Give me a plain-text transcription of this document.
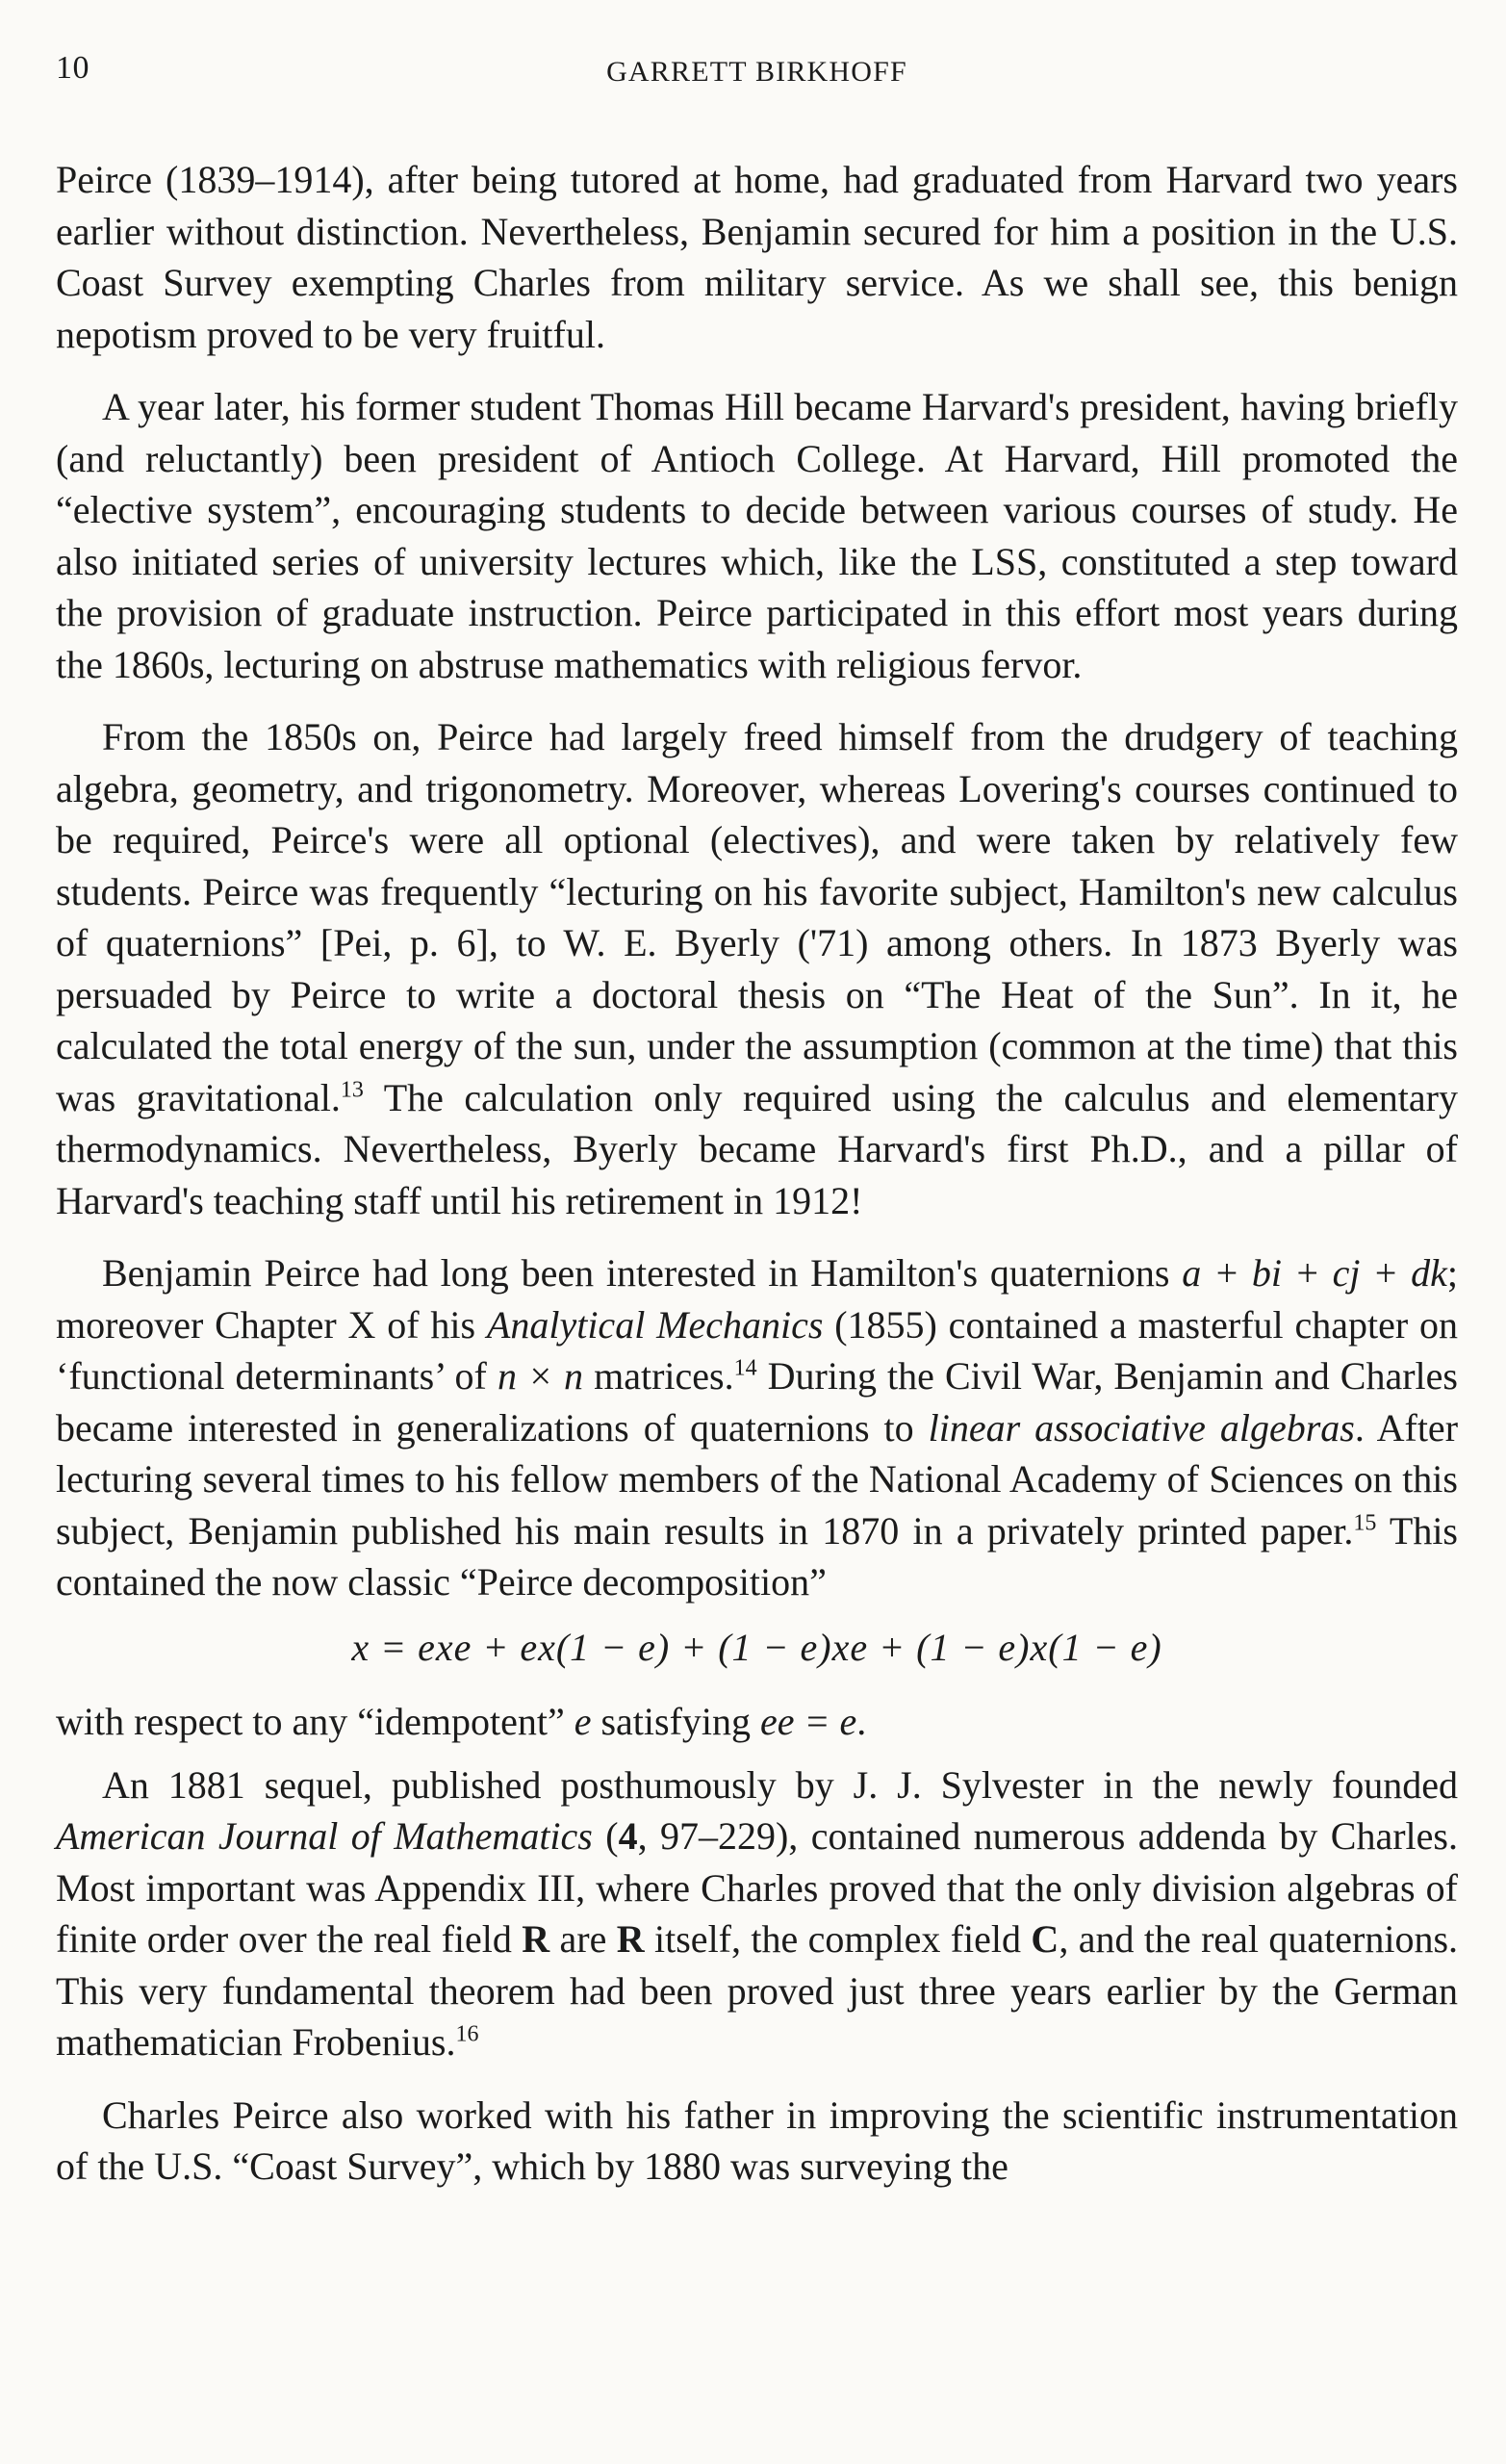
10	GARRETT BIRKHOFF

Peirce (1839–1914), after being tutored at home, had graduated from Harvard two years earlier without distinction. Nevertheless, Benjamin secured for him a position in the U.S. Coast Survey exempting Charles from military service. As we shall see, this benign nepotism proved to be very fruitful.

A year later, his former student Thomas Hill became Harvard's president, having briefly (and reluctantly) been president of Antioch College. At Harvard, Hill promoted the “elective system”, encouraging students to decide between various courses of study. He also initiated series of university lectures which, like the LSS, constituted a step toward the provision of graduate instruction. Peirce participated in this effort most years during the 1860s, lecturing on abstruse mathematics with religious fervor.

From the 1850s on, Peirce had largely freed himself from the drudgery of teaching algebra, geometry, and trigonometry. Moreover, whereas Lovering's courses continued to be required, Peirce's were all optional (electives), and were taken by relatively few students. Peirce was frequently “lecturing on his favorite subject, Hamilton's new calculus of quaternions” [Pei, p. 6], to W. E. Byerly ('71) among others. In 1873 Byerly was persuaded by Peirce to write a doctoral thesis on “The Heat of the Sun”. In it, he calculated the total energy of the sun, under the assumption (common at the time) that this was gravitational.$^{13}$ The calculation only required using the calculus and elementary thermodynamics. Nevertheless, Byerly became Harvard's first Ph.D., and a pillar of Harvard's teaching staff until his retirement in 1912!

Benjamin Peirce had long been interested in Hamilton's quaternions a + bi + cj + dk; moreover Chapter X of his Analytical Mechanics (1855) contained a masterful chapter on ‘functional determinants’ of n × n matrices.$^{14}$ During the Civil War, Benjamin and Charles became interested in generalizations of quaternions to linear associative algebras. After lecturing several times to his fellow members of the National Academy of Sciences on this subject, Benjamin published his main results in 1870 in a privately printed paper.$^{15}$ This contained the now classic “Peirce decomposition”

x = exe + ex(1 − e) + (1 − e)xe + (1 − e)x(1 − e)

with respect to any “idempotent” e satisfying ee = e.

An 1881 sequel, published posthumously by J. J. Sylvester in the newly founded American Journal of Mathematics (4, 97–229), contained numerous addenda by Charles. Most important was Appendix III, where Charles proved that the only division algebras of finite order over the real field R are R itself, the complex field C, and the real quaternions. This very fundamental theorem had been proved just three years earlier by the German mathematician Frobenius.$^{16}$

Charles Peirce also worked with his father in improving the scientific instrumentation of the U.S. “Coast Survey”, which by 1880 was surveying the
